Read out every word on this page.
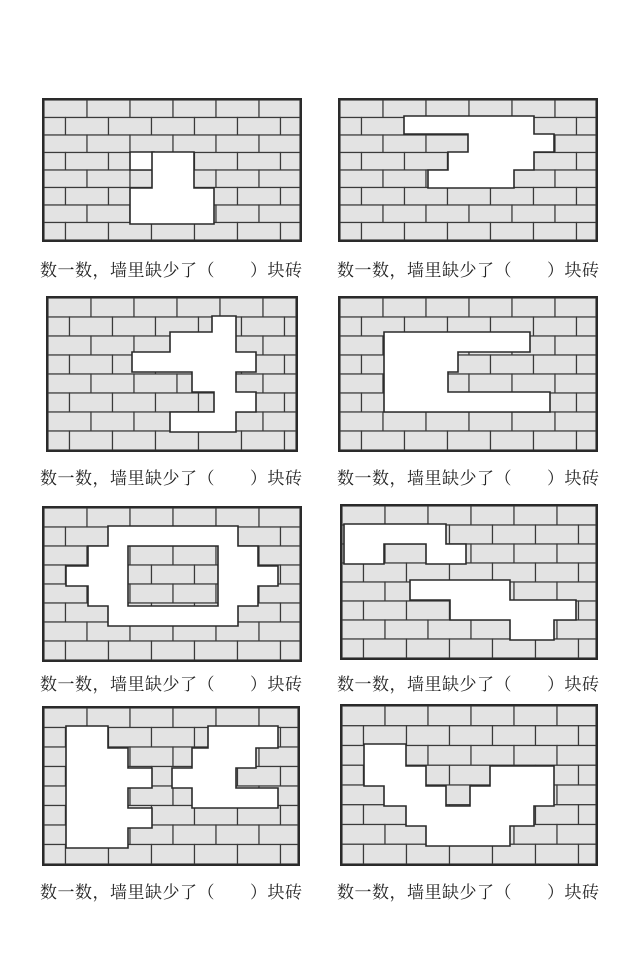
数一数，墙里缺少了（　　）块砖	数一数，墙里缺少了（　　）块砖
数一数，墙里缺少了（　　）块砖	数一数，墙里缺少了（　　）块砖
数一数，墙里缺少了（　　）块砖	数一数，墙里缺少了（　　）块砖
数一数，墙里缺少了（　　）块砖	数一数，墙里缺少了（　　）块砖
